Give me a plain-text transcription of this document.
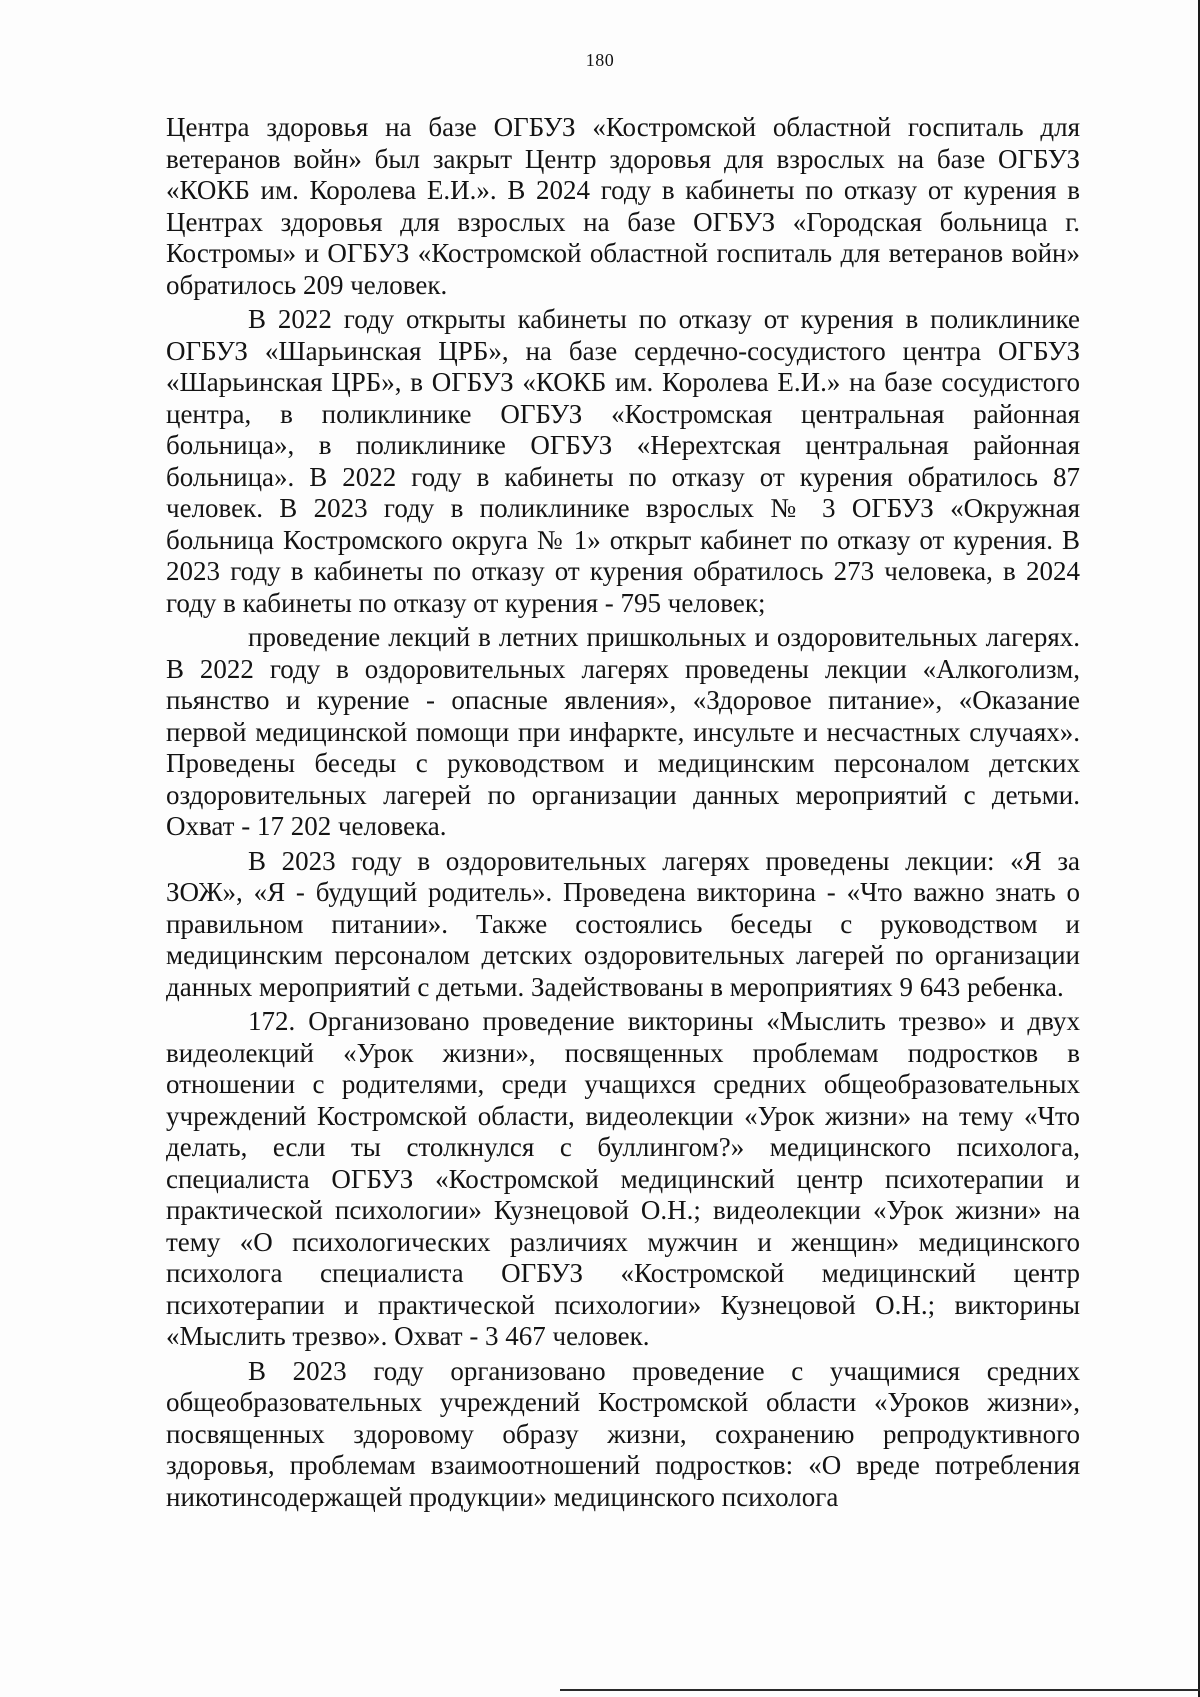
180

Центра здоровья на базе ОГБУЗ «Костромской областной госпиталь для ветеранов войн» был закрыт Центр здоровья для взрослых на базе ОГБУЗ «КОКБ им. Королева Е.И.». В 2024 году в кабинеты по отказу от курения в Центрах здоровья для взрослых на базе ОГБУЗ «Городская больница г. Костромы» и ОГБУЗ «Костромской областной госпиталь для ветеранов войн» обратилось 209 человек.

В 2022 году открыты кабинеты по отказу от курения в поликлинике ОГБУЗ «Шарьинская ЦРБ», на базе сердечно-сосудистого центра ОГБУЗ «Шарьинская ЦРБ», в ОГБУЗ «КОКБ им. Королева Е.И.» на базе сосудистого центра, в поликлинике ОГБУЗ «Костромская центральная районная больница», в поликлинике ОГБУЗ «Нерехтская центральная районная больница». В 2022 году в кабинеты по отказу от курения обратилось 87 человек. В 2023 году в поликлинике взрослых № 3 ОГБУЗ «Окружная больница Костромского округа № 1» открыт кабинет по отказу от курения. В 2023 году в кабинеты по отказу от курения обратилось 273 человека, в 2024 году в кабинеты по отказу от курения - 795 человек;

проведение лекций в летних пришкольных и оздоровительных лагерях. В 2022 году в оздоровительных лагерях проведены лекции «Алкоголизм, пьянство и курение - опасные явления», «Здоровое питание», «Оказание первой медицинской помощи при инфаркте, инсульте и несчастных случаях». Проведены беседы с руководством и медицинским персоналом детских оздоровительных лагерей по организации данных мероприятий с детьми. Охват - 17 202 человека.

В 2023 году в оздоровительных лагерях проведены лекции: «Я за ЗОЖ», «Я - будущий родитель». Проведена викторина - «Что важно знать о правильном питании». Также состоялись беседы с руководством и медицинским персоналом детских оздоровительных лагерей по организации данных мероприятий с детьми. Задействованы в мероприятиях 9 643 ребенка.

172. Организовано проведение викторины «Мыслить трезво» и двух видеолекций «Урок жизни», посвященных проблемам подростков в отношении с родителями, среди учащихся средних общеобразовательных учреждений Костромской области, видеолекции «Урок жизни» на тему «Что делать, если ты столкнулся с буллингом?» медицинского психолога, специалиста ОГБУЗ «Костромской медицинский центр психотерапии и практической психологии» Кузнецовой О.Н.; видеолекции «Урок жизни» на тему «О психологических различиях мужчин и женщин» медицинского психолога специалиста ОГБУЗ «Костромской медицинский центр психотерапии и практической психологии» Кузнецовой О.Н.; викторины «Мыслить трезво». Охват - 3 467 человек.

В 2023 году организовано проведение с учащимися средних общеобразовательных учреждений Костромской области «Уроков жизни», посвященных здоровому образу жизни, сохранению репродуктивного здоровья, проблемам взаимоотношений подростков: «О вреде потребления никотинсодержащей продукции» медицинского психолога
